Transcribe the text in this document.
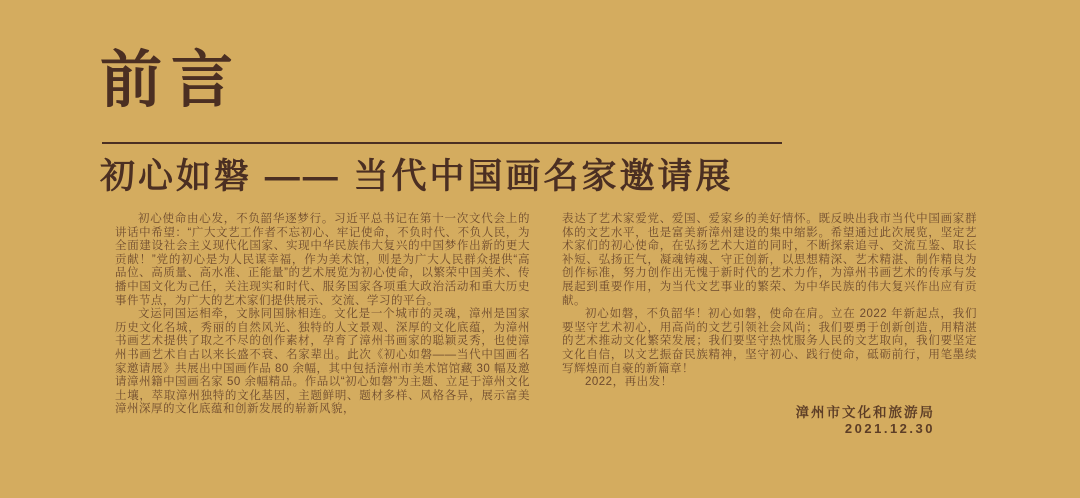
前言
初心如磐 —— 当代中国画名家邀请展

初心使命由心发，不负韶华逐梦行。习近平总书记在第十一次文代会上的讲话中希望：“广大文艺工作者不忘初心、牢记使命，不负时代、不负人民，为全面建设社会主义现代化国家、实现中华民族伟大复兴的中国梦作出新的更大贡献！”党的初心是为人民谋幸福，作为美术馆，则是为广大人民群众提供“高品位、高质量、高水准、正能量”的艺术展览为初心使命，以繁荣中国美术、传播中国文化为己任，关注现实和时代、服务国家各项重大政治活动和重大历史事件节点，为广大的艺术家们提供展示、交流、学习的平台。

文运同国运相牵，文脉同国脉相连。文化是一个城市的灵魂，漳州是国家历史文化名城，秀丽的自然风光、独特的人文景观、深厚的文化底蕴，为漳州书画艺术提供了取之不尽的创作素材，孕育了漳州书画家的聪颖灵秀，也使漳州书画艺术自古以来长盛不衰、名家辈出。此次《初心如磐——当代中国画名家邀请展》共展出中国画作品 80 余幅，其中包括漳州市美术馆馆藏 30 幅及邀请漳州籍中国画名家 50 余幅精品。作品以“初心如磐”为主题、立足于漳州文化土壤，萃取漳州独特的文化基因，主题鲜明、题材多样、风格各异，展示富美漳州深厚的文化底蕴和创新发展的崭新风貌，

表达了艺术家爱党、爱国、爱家乡的美好情怀。既反映出我市当代中国画家群体的文艺水平，也是富美新漳州建设的集中缩影。希望通过此次展览，坚定艺术家们的初心使命，在弘扬艺术大道的同时，不断探索追寻、交流互鉴、取长补短、弘扬正气，凝魂铸魂、守正创新，以思想精深、艺术精湛、制作精良为创作标准，努力创作出无愧于新时代的艺术力作，为漳州书画艺术的传承与发展起到重要作用，为当代文艺事业的繁荣、为中华民族的伟大复兴作出应有贡献。

初心如磐，不负韶华！初心如磐，使命在肩。立在 2022 年新起点，我们要坚守艺术初心，用高尚的文艺引领社会风尚；我们要勇于创新创造，用精湛的艺术推动文化繁荣发展；我们要坚守热忱服务人民的文艺取向，我们要坚定文化自信，以文艺振奋民族精神，坚守初心、践行使命，砥砺前行，用笔墨续写辉煌而自豪的新篇章！

2022，再出发！

漳州市文化和旅游局
2021.12.30
